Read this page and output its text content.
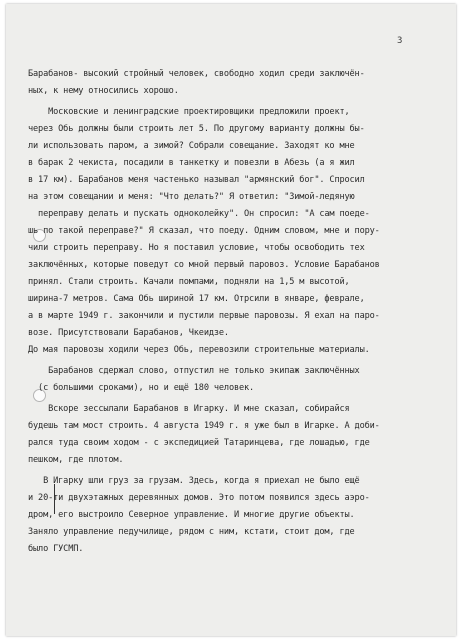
3

Барабанов- высокий стройный человек, свободно ходил среди заключён-

ных, к нему относились хорошо.

Московские и ленинградские проектировщики предложили проект,

через Обь должны были строить лет 5. По другому варианту должны бы-

ли использовать паром, а зимой? Собрали совещание. Заходят ко мне

в барак 2 чекиста, посадили в танкетку и повезли в Абезь (а я жил

в 17 км). Барабанов меня частенько называл "армянский бог". Спросил

на этом совещании и меня: "Что делать?" Я ответил: "Зимой-ледяную

переправу делать и пускать одноколейку". Он спросил: "А сам поеде-

шь по такой переправе?" Я сказал, что поеду. Одним словом, мне и пору-

чили строить переправу. Но я поставил условие, чтобы освободить тех

заключённых, которые поведут со мной первый паровоз. Условие Барабанов

принял. Стали строить. Качали помпами, подняли на 1,5 м высотой,

ширина-7 метров. Сама Обь шириной 17 км. Отрсили в январе, феврале,

а в марте 1949 г. закончили и пустили первые паровозы. Я ехал на паро-

возе. Присутствовали Барабанов, Чкеидзе.

До мая паровозы ходили через Обь, перевозили строительные материалы.

Барабанов сдержал слово, отпустил не только экипаж заключённых

(с большими сроками), но и ещё 180 человек.

Вскоре зессылали Барабанов в Игарку. И мне сказал, собирайся

будешь там мост строить. 4 августа 1949 г. я уже был в Игарке. А доби-

рался туда своим ходом - с экспедицией Татаринцева, где лошадью, где

пешком, где плотом.

В Игарку шли груз за грузам. Здесь, когда я приехал не было ещё

и 20-ти двухэтажных деревянных домов. Это потом появился здесь аэро-

дром, его выстроило Северное управление. И многие другие объекты.

Заняло управление педучилище, рядом с ним, кстати, стоит дом, где

было ГУСМП.
